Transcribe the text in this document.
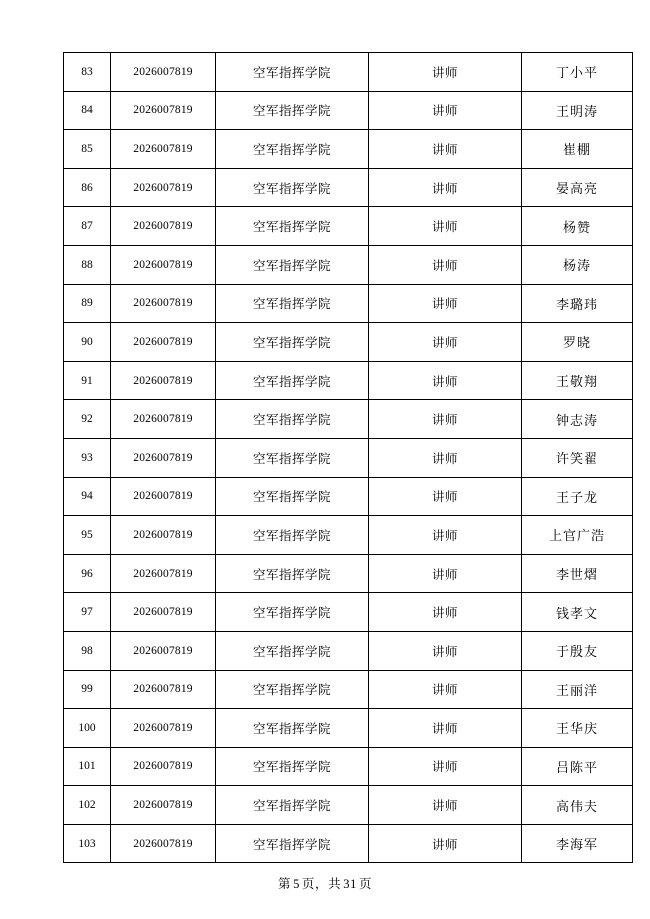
83	2026007819	空军指挥学院	讲师	丁小平
84	2026007819	空军指挥学院	讲师	王明涛
85	2026007819	空军指挥学院	讲师	崔棚
86	2026007819	空军指挥学院	讲师	晏高亮
87	2026007819	空军指挥学院	讲师	杨赞
88	2026007819	空军指挥学院	讲师	杨涛
89	2026007819	空军指挥学院	讲师	李璐玮
90	2026007819	空军指挥学院	讲师	罗晓
91	2026007819	空军指挥学院	讲师	王敬翔
92	2026007819	空军指挥学院	讲师	钟志涛
93	2026007819	空军指挥学院	讲师	许笑翟
94	2026007819	空军指挥学院	讲师	王子龙
95	2026007819	空军指挥学院	讲师	上官广浩
96	2026007819	空军指挥学院	讲师	李世熠
97	2026007819	空军指挥学院	讲师	钱孝文
98	2026007819	空军指挥学院	讲师	于殷友
99	2026007819	空军指挥学院	讲师	王丽洋
100	2026007819	空军指挥学院	讲师	王华庆
101	2026007819	空军指挥学院	讲师	吕陈平
102	2026007819	空军指挥学院	讲师	高伟夫
103	2026007819	空军指挥学院	讲师	李海军
第 5 页，共 31 页
